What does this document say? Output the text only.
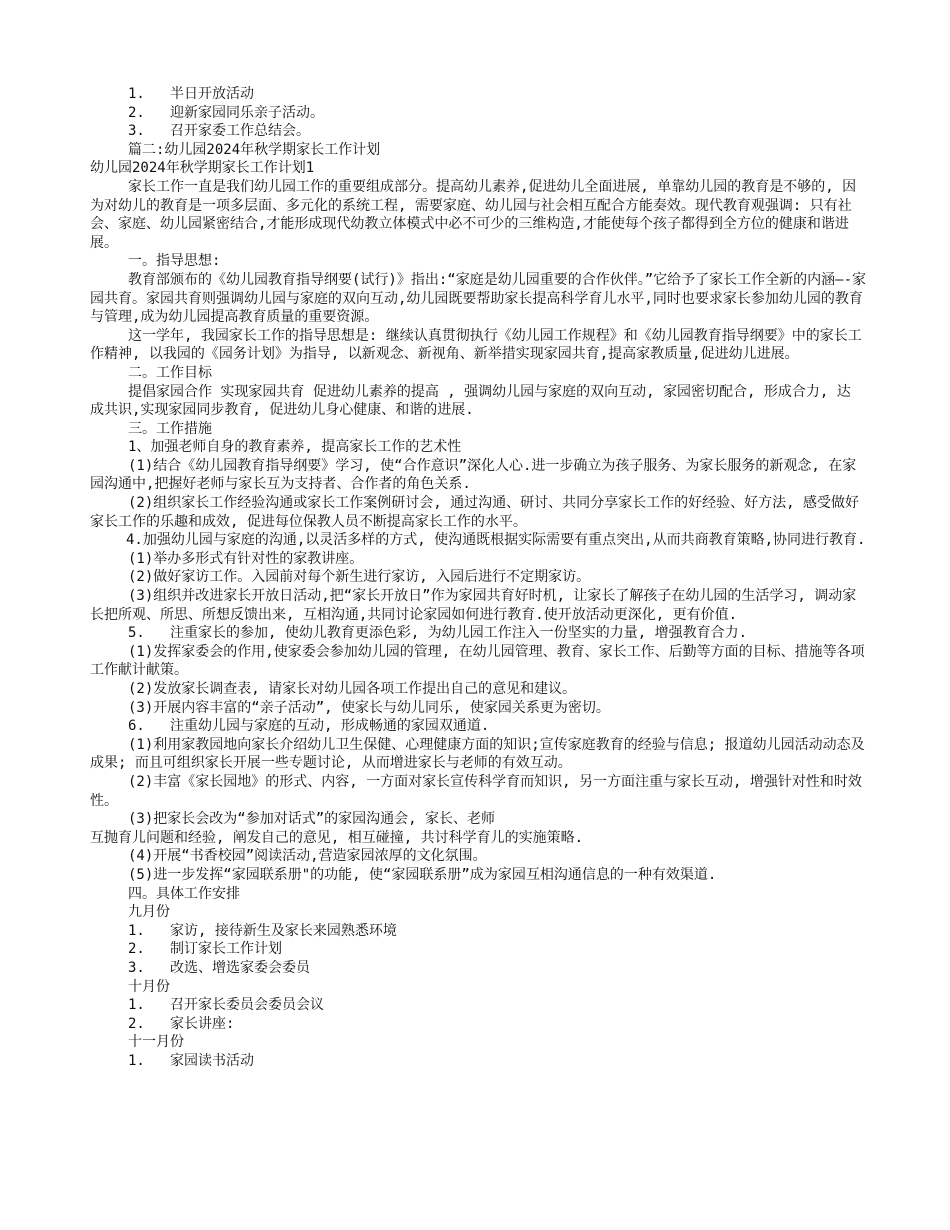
1. 半日开放活动

2. 迎新家园同乐亲子活动。

3. 召开家委工作总结会。

篇二:幼儿园2024年秋学期家长工作计划

幼儿园2024年秋学期家长工作计划1

家长工作一直是我们幼儿园工作的重要组成部分。提高幼儿素养,促进幼儿全面进展, 单靠幼儿园的教育是不够的, 因为对幼儿的教育是一项多层面、多元化的系统工程, 需要家庭、幼儿园与社会相互配合方能奏效。现代教育观强调: 只有社会、家庭、幼儿园紧密结合,才能形成现代幼教立体模式中必不可少的三维构造,才能使每个孩子都得到全方位的健康和谐进展。

一。指导思想:

教育部颁布的《幼儿园教育指导纲要(试行)》指出:“家庭是幼儿园重要的合作伙伴。”它给予了家长工作全新的内涵—-家园共育。家园共育则强调幼儿园与家庭的双向互动,幼儿园既要帮助家长提高科学育儿水平,同时也要求家长参加幼儿园的教育与管理,成为幼儿园提高教育质量的重要资源。

这一学年, 我园家长工作的指导思想是: 继续认真贯彻执行《幼儿园工作规程》和《幼儿园教育指导纲要》中的家长工作精神, 以我园的《园务计划》为指导, 以新观念、新视角、新举措实现家园共育,提高家教质量,促进幼儿进展。

二。工作目标

提倡家园合作 实现家园共育 促进幼儿素养的提高 , 强调幼儿园与家庭的双向互动, 家园密切配合, 形成合力, 达

成共识,实现家园同步教育, 促进幼儿身心健康、和谐的进展.

三。工作措施

1、加强老师自身的教育素养, 提高家长工作的艺术性

(1)结合《幼儿园教育指导纲要》学习, 使“合作意识”深化人心.进一步确立为孩子服务、为家长服务的新观念, 在家园沟通中,把握好老师与家长互为支持者、合作者的角色关系.

(2)组织家长工作经验沟通或家长工作案例研讨会, 通过沟通、研讨、共同分享家长工作的好经验、好方法, 感受做好家长工作的乐趣和成效, 促进每位保教人员不断提高家长工作的水平。

4.加强幼儿园与家庭的沟通,以灵活多样的方式, 使沟通既根据实际需要有重点突出,从而共商教育策略,协同进行教育.

(1)举办多形式有针对性的家教讲座。

(2)做好家访工作。入园前对每个新生进行家访, 入园后进行不定期家访。

(3)组织并改进家长开放日活动,把“家长开放日”作为家园共育好时机, 让家长了解孩子在幼儿园的生活学习, 调动家长把所观、所思、所想反馈出来, 互相沟通,共同讨论家园如何进行教育.使开放活动更深化, 更有价值.

5. 注重家长的参加, 使幼儿教育更添色彩, 为幼儿园工作注入一份坚实的力量, 增强教育合力.

(1)发挥家委会的作用,使家委会参加幼儿园的管理, 在幼儿园管理、教育、家长工作、后勤等方面的目标、措施等各项工作献计献策。

(2)发放家长调查表, 请家长对幼儿园各项工作提出自己的意见和建议。

(3)开展内容丰富的“亲子活动”, 使家长与幼儿同乐, 使家园关系更为密切。

6. 注重幼儿园与家庭的互动, 形成畅通的家园双通道.

(1)利用家教园地向家长介绍幼儿卫生保健、心理健康方面的知识;宣传家庭教育的经验与信息; 报道幼儿园活动动态及成果; 而且可组织家长开展一些专题讨论, 从而增进家长与老师的有效互动。

(2)丰富《家长园地》的形式、内容, 一方面对家长宣传科学育而知识, 另一方面注重与家长互动, 增强针对性和时效性。

(3)把家长会改为“参加对话式”的家园沟通会, 家长、老师

互抛育儿问题和经验, 阐发自己的意见, 相互碰撞, 共讨科学育儿的实施策略.

(4)开展“书香校园”阅读活动,营造家园浓厚的文化氛围。

(5)进一步发挥“家园联系册"的功能, 使“家园联系册”成为家园互相沟通信息的一种有效渠道.

四。具体工作安排

九月份

1. 家访, 接待新生及家长来园熟悉环境

2. 制订家长工作计划

3. 改选、增选家委会委员

十月份

1. 召开家长委员会委员会议

2. 家长讲座:

十一月份

1. 家园读书活动
